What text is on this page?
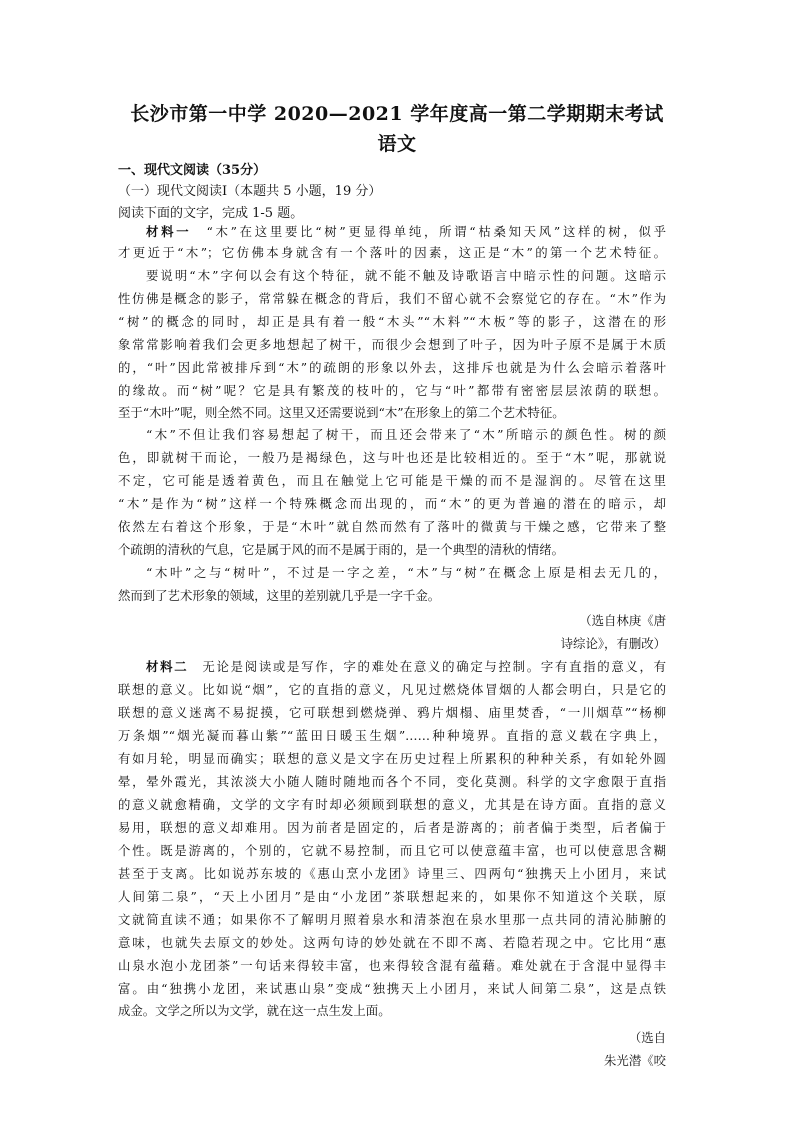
长沙市第一中学 2020—2021 学年度高一第二学期期末考试
语文
一、现代文阅读（35分）
（一）现代文阅读Ⅰ（本题共 5 小题，19 分）
阅读下面的文字，完成 1-5 题。
材料一　 “木”在这里要比“树”更显得单纯，所谓“枯桑知天风”这样的树，似乎
才更近于“木”；它仿佛本身就含有一个落叶的因素，这正是“木”的第一个艺术特征。
要说明“木”字何以会有这个特征，就不能不触及诗歌语言中暗示性的问题。这暗示
性仿佛是概念的影子，常常躲在概念的背后，我们不留心就不会察觉它的存在。“木”作为
“树”的概念的同时，却正是具有着一般“木头”“木料”“木板”等的影子，这潜在的形
象常常影响着我们会更多地想起了树干，而很少会想到了叶子，因为叶子原不是属于木质
的，“叶”因此常被排斥到“木”的疏朗的形象以外去，这排斥也就是为什么会暗示着落叶
的缘故。而“树”呢？它是具有繁茂的枝叶的，它与“叶”都带有密密层层浓荫的联想。
至于“木叶”呢，则全然不同。这里又还需要说到“木”在形象上的第二个艺术特征。
“木”不但让我们容易想起了树干，而且还会带来了“木”所暗示的颜色性。树的颜
色，即就树干而论，一般乃是褐绿色，这与叶也还是比较相近的。至于“木”呢，那就说
不定，它可能是透着黄色，而且在触觉上它可能是干燥的而不是湿润的。尽管在这里
“木”是作为“树”这样一个特殊概念而出现的，而“木”的更为普遍的潜在的暗示，却
依然左右着这个形象，于是“木叶”就自然而然有了落叶的微黄与干燥之感，它带来了整
个疏朗的清秋的气息，它是属于风的而不是属于雨的，是一个典型的清秋的情绪。
“木叶”之与“树叶”，不过是一字之差，“木”与“树”在概念上原是相去无几的，
然而到了艺术形象的领域，这里的差别就几乎是一字千金。
（选自林庚《唐
诗综论》，有删改）
材料二　 无论是阅读或是写作，字的难处在意义的确定与控制。字有直指的意义，有
联想的意义。比如说“烟”，它的直指的意义，凡见过燃烧体冒烟的人都会明白，只是它的
联想的意义迷离不易捉摸，它可联想到燃烧弹、鸦片烟榻、庙里焚香，“一川烟草”“杨柳
万条烟”“烟光凝而暮山紫”“蓝田日暖玉生烟”……种种境界。直指的意义载在字典上，
有如月轮，明显而确实；联想的意义是文字在历史过程上所累积的种种关系，有如轮外圆
晕，晕外霞光，其浓淡大小随人随时随地而各个不同，变化莫测。科学的文字愈限于直指
的意义就愈精确，文学的文字有时却必须顾到联想的意义，尤其是在诗方面。直指的意义
易用，联想的意义却难用。因为前者是固定的，后者是游离的；前者偏于类型，后者偏于
个性。既是游离的，个别的，它就不易控制，而且它可以使意蕴丰富，也可以使意思含糊
甚至于支离。比如说苏东坡的《惠山烹小龙团》诗里三、四两句“独携天上小团月，来试
人间第二泉”，“天上小团月”是由“小龙团”茶联想起来的，如果你不知道这个关联，原
文就简直读不通；如果你不了解明月照着泉水和清茶泡在泉水里那一点共同的清沁肺腑的
意味，也就失去原文的妙处。这两句诗的妙处就在不即不离、若隐若现之中。它比用“惠
山泉水泡小龙团茶”一句话来得较丰富，也来得较含混有蕴藉。难处就在于含混中显得丰
富。由“独携小龙团，来试惠山泉”变成“独携天上小团月，来试人间第二泉”，这是点铁
成金。文学之所以为文学，就在这一点生发上面。
（选自
朱光潜《咬
